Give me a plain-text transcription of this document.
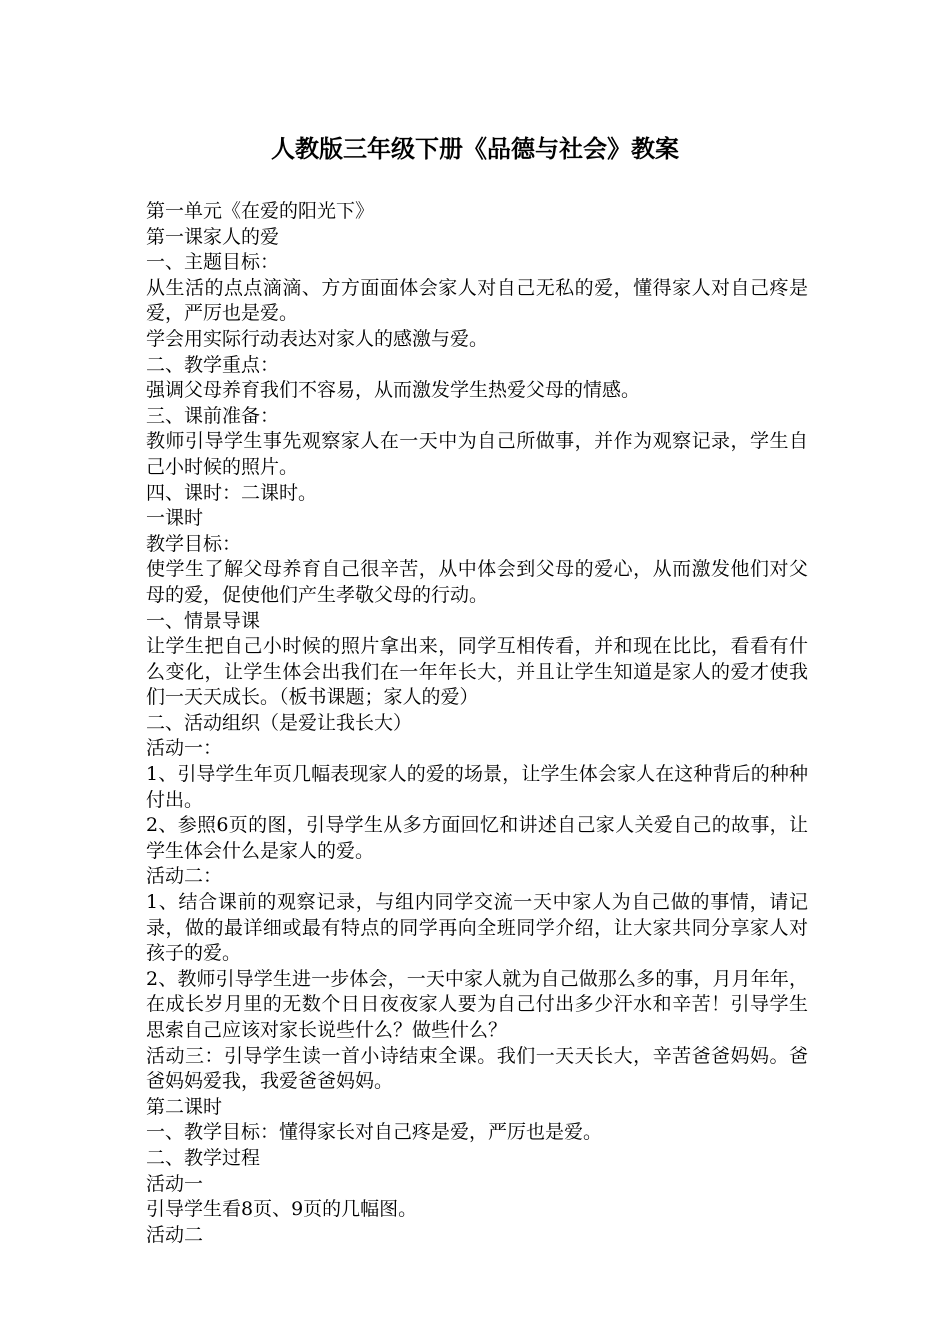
人教版三年级下册《品德与社会》教案

第一单元《在爱的阳光下》

第一课家人的爱

一、主题目标：

从生活的点点滴滴、方方面面体会家人对自己无私的爱，懂得家人对自己疼是爱，严厉也是爱。

学会用实际行动表达对家人的感激与爱。

二、教学重点：

强调父母养育我们不容易，从而激发学生热爱父母的情感。

三、课前准备：

教师引导学生事先观察家人在一天中为自己所做事，并作为观察记录，学生自己小时候的照片。

四、课时：二课时。

一课时

教学目标：

使学生了解父母养育自己很辛苦，从中体会到父母的爱心，从而激发他们对父母的爱，促使他们产生孝敬父母的行动。

一、情景导课

让学生把自己小时候的照片拿出来，同学互相传看，并和现在比比，看看有什么变化，让学生体会出我们在一年年长大，并且让学生知道是家人的爱才使我们一天天成长。（板书课题；家人的爱）

二、活动组织（是爱让我长大）

活动一：

1、引导学生年页几幅表现家人的爱的场景，让学生体会家人在这种背后的种种付出。

2、参照6页的图，引导学生从多方面回忆和讲述自己家人关爱自己的故事，让学生体会什么是家人的爱。

活动二：

1、结合课前的观察记录，与组内同学交流一天中家人为自己做的事情，请记录，做的最详细或最有特点的同学再向全班同学介绍，让大家共同分享家人对孩子的爱。

2、教师引导学生进一步体会，一天中家人就为自己做那么多的事，月月年年，在成长岁月里的无数个日日夜夜家人要为自己付出多少汗水和辛苦！引导学生思索自己应该对家长说些什么？做些什么？

活动三：引导学生读一首小诗结束全课。我们一天天长大，辛苦爸爸妈妈。爸爸妈妈爱我，我爱爸爸妈妈。

第二课时

一、教学目标：懂得家长对自己疼是爱，严厉也是爱。

二、教学过程

活动一

引导学生看8页、9页的几幅图。

活动二
